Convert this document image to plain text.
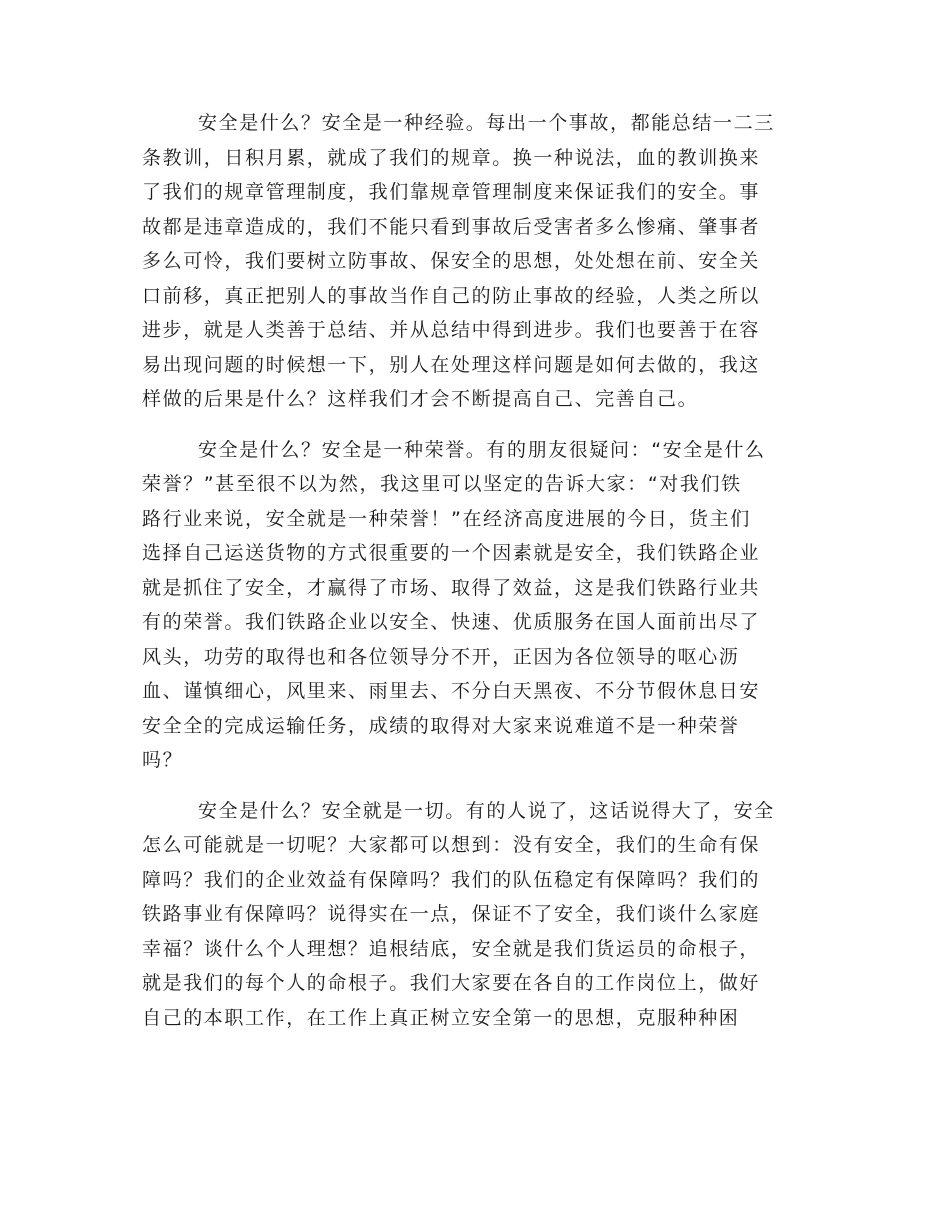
安全是什么？安全是一种经验。每出一个事故，都能总结一二三
条教训，日积月累，就成了我们的规章。换一种说法，血的教训换来
了我们的规章管理制度，我们靠规章管理制度来保证我们的安全。事
故都是违章造成的，我们不能只看到事故后受害者多么惨痛、肇事者
多么可怜，我们要树立防事故、保安全的思想，处处想在前、安全关
口前移，真正把别人的事故当作自己的防止事故的经验，人类之所以
进步，就是人类善于总结、并从总结中得到进步。我们也要善于在容
易出现问题的时候想一下，别人在处理这样问题是如何去做的，我这
样做的后果是什么？这样我们才会不断提高自己、完善自己。
安全是什么？安全是一种荣誉。有的朋友很疑问：“安全是什么
荣誉？”甚至很不以为然，我这里可以坚定的告诉大家：“对我们铁
路行业来说，安全就是一种荣誉！”在经济高度进展的今日，货主们
选择自己运送货物的方式很重要的一个因素就是安全，我们铁路企业
就是抓住了安全，才赢得了市场、取得了效益，这是我们铁路行业共
有的荣誉。我们铁路企业以安全、快速、优质服务在国人面前出尽了
风头，功劳的取得也和各位领导分不开，正因为各位领导的呕心沥
血、谨慎细心，风里来、雨里去、不分白天黑夜、不分节假休息日安
安全全的完成运输任务，成绩的取得对大家来说难道不是一种荣誉
吗？
安全是什么？安全就是一切。有的人说了，这话说得大了，安全
怎么可能就是一切呢？大家都可以想到：没有安全，我们的生命有保
障吗？我们的企业效益有保障吗？我们的队伍稳定有保障吗？我们的
铁路事业有保障吗？说得实在一点，保证不了安全，我们谈什么家庭
幸福？谈什么个人理想？追根结底，安全就是我们货运员的命根子，
就是我们的每个人的命根子。我们大家要在各自的工作岗位上，做好
自己的本职工作，在工作上真正树立安全第一的思想，克服种种困
